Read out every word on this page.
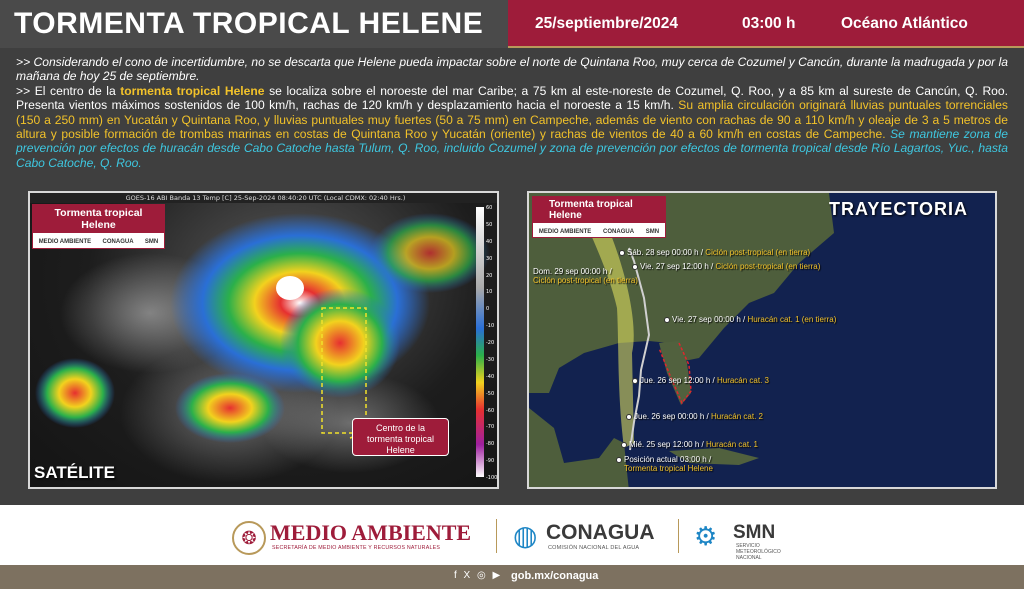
TORMENTA TROPICAL HELENE	25/septiembre/2024	03:00 h	Océano Atlántico

>> Considerando el cono de incertidumbre, no se descarta que Helene pueda impactar sobre el norte de Quintana Roo, muy cerca de Cozumel y Cancún, durante la madrugada y por la mañana de hoy 25 de septiembre.

>> El centro de la tormenta tropical Helene se localiza sobre el noroeste del mar Caribe; a 75 km al este-noreste de Cozumel, Q. Roo, y a 85 km al sureste de Cancún, Q. Roo. Presenta vientos máximos sostenidos de 100 km/h, rachas de 120 km/h y desplazamiento hacia el noroeste a 15 km/h. Su amplia circulación originará lluvias puntuales torrenciales (150 a 250 mm) en Yucatán y Quintana Roo, y lluvias puntuales muy fuertes (50 a 75 mm) en Campeche, además de viento con rachas de 90 a 110 km/h y oleaje de 3 a 5 metros de altura y posible formación de trombas marinas en costas de Quintana Roo y Yucatán (oriente) y rachas de vientos de 40 a 60 km/h en costas de Campeche. Se mantiene zona de prevención por efectos de huracán desde Cabo Catoche hasta Tulum, Q. Roo, incluido Cozumel y zona de prevención por efectos de tormenta tropical desde Río Lagartos, Yuc., hasta Cabo Catoche, Q. Roo.

GOES-16 ABI Banda 13 Temp [C] 25-Sep-2024 08:40:20 UTC (Local CDMX: 02:40 Hrs.)
60
50
40
30
20
10
0
-10
-20
-30
-40
-50
-60
-70
-80
-90
-100
Tormenta tropical Helene
MEDIO AMBIENTE CONAGUA SMN
Centro de la tormenta tropical Helene
SATÉLITE
Sáb. 28 sep 00:00 h / Ciclón post-tropical (en tierra)
Vie. 27 sep 12:00 h / Ciclón post-tropical (en tierra)
Dom. 29 sep 00:00 h /
Ciclón post-tropical (en tierra)
Vie. 27 sep 00:00 h / Huracán cat. 1 (en tierra)
Jue. 26 sep 12:00 h / Huracán cat. 3
Jue. 26 sep 00:00 h / Huracán cat. 2
Mié. 25 sep 12:00 h / Huracán cat. 1
Posición actual 03:00 h /
Tormenta tropical Helene
Tormenta tropical Helene
MEDIO AMBIENTE CONAGUA SMN
TRAYECTORIA
❂ MEDIO AMBIENTE
SECRETARÍA DE MEDIO AMBIENTE Y RECURSOS NATURALES	◍ CONAGUA
COMISIÓN NACIONAL DEL AGUA ⚙ SMN
SERVICIO METEOROLÓGICO NACIONAL
f X ◎ ▶ gob.mx/conagua
